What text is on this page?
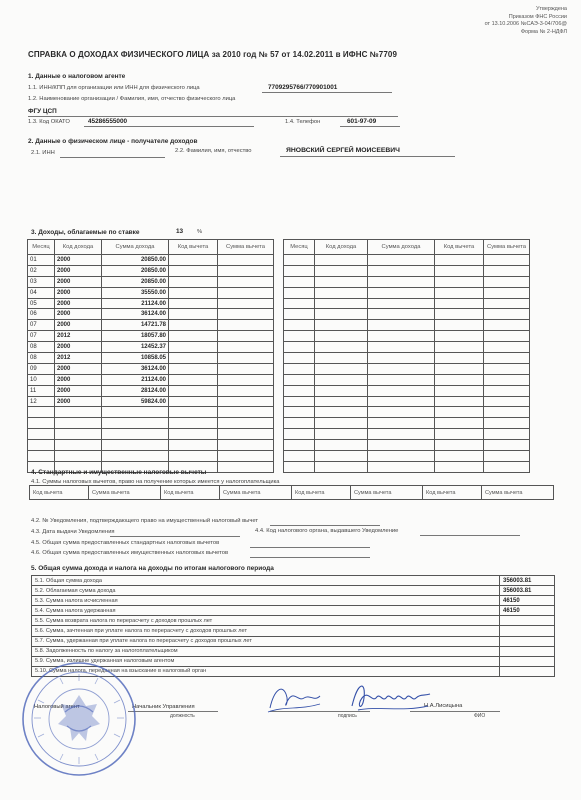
Утверждена
Приказом ФНС России
от 13.10.2006 №САЭ-3-04/706@
Форма № 2-НДФЛ
СПРАВКА О ДОХОДАХ ФИЗИЧЕСКОГО ЛИЦА за 2010 год № 57 от 14.02.2011 в ИФНС №7709
1. Данные о налоговом агенте
1.1. ИНН/КПП для организации или ИНН для физического лица	7709295766/770901001
1.2. Наименование организации / Фамилия, имя, отчество физического лица
ФГУ ЦСП
1.3. Код ОКАТО	45286555000	1.4. Телефон	601-97-09
2. Данные о физическом лице - получателе доходов
2.1. ИНН	2.2. Фамилия, имя, отчество	ЯНОВСКИЙ СЕРГЕЙ МОИСЕЕВИЧ
3. Доходы, облагаемые по ставке	13 %
Месяц	Код дохода	Сумма дохода	Код вычета	Сумма вычета
01	2000	20850.00		
02	2000	20850.00		
03	2000	20850.00		
04	2000	35550.00		
05	2000	21124.00		
06	2000	36124.00		
07	2000	14721.78		
07	2012	18057.80		
08	2000	12452.37		
08	2012	10858.05		
09	2000	36124.00		
10	2000	21124.00		
11	2000	28124.00		
12	2000	59824.00		

Месяц	Код дохода	Сумма дохода	Код вычета	Сумма вычета

4. Стандартные и имущественные налоговые вычеты
4.1. Суммы налоговых вычетов, право на получение которых имеется у налогоплательщика
Код вычета	Сумма вычета	Код вычета	Сумма вычета	Код вычета	Сумма вычета	Код вычета	Сумма вычета
4.2. № Уведомления, подтверждающего право на имущественный налоговый вычет
4.3. Дата выдачи Уведомления	4.4. Код налогового органа, выдавшего Уведомление
4.5. Общая сумма предоставленных стандартных налоговых вычетов
4.6. Общая сумма предоставленных имущественных налоговых вычетов
5. Общая сумма дохода и налога на доходы по итогам налогового периода
5.1. Общая сумма дохода	356003.81
5.2. Облагаемая сумма дохода	356003.81
5.3. Сумма налога исчисленная	46150
5.4. Сумма налога удержанная	46150
5.5. Сумма возврата налога по перерасчету с доходов прошлых лет	
5.6. Сумма, зачтенная при уплате налога по перерасчету с доходов прошлых лет	
5.7. Сумма, удержанная при уплате налога по перерасчету с доходов прошлых лет	
5.8. Задолженность по налогу за налогоплательщиком	
5.9. Сумма, излишне удержанная налоговым агентом	
5.10. Сумма налога, переданная на взыскание в налоговый орган	
Налоговый агент	Начальник Управления
должность	подпись
Н.А.Лисицына
ФИО
